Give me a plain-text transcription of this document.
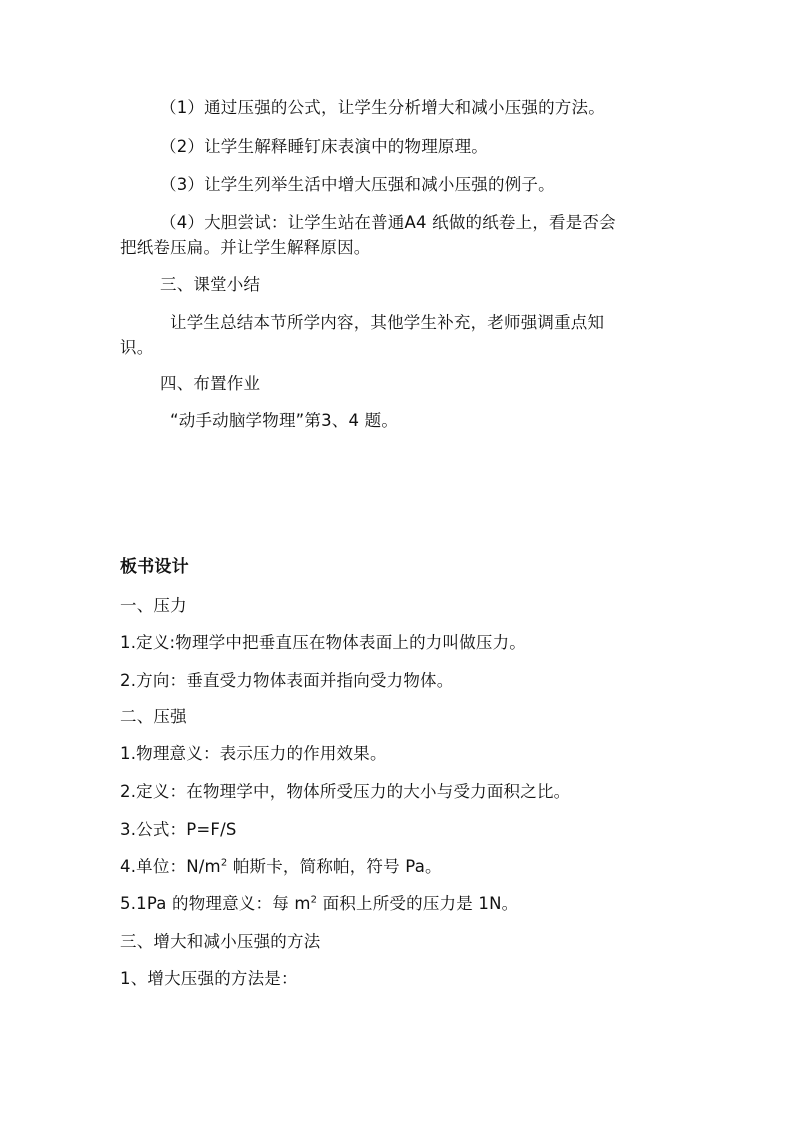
（1）通过压强的公式，让学生分析增大和减小压强的方法。
（2）让学生解释睡钉床表演中的物理原理。
（3）让学生列举生活中增大压强和减小压强的例子。
（4）大胆尝试：让学生站在普通A4 纸做的纸卷上，看是否会
把纸卷压扁。并让学生解释原因。
三、课堂小结
让学生总结本节所学内容，其他学生补充，老师强调重点知
识。
四、布置作业
“动手动脑学物理”第3、4 题。
板书设计
一、压力
1.定义:物理学中把垂直压在物体表面上的力叫做压力。
2.方向：垂直受力物体表面并指向受力物体。
二、压强
1.物理意义：表示压力的作用效果。
2.定义：在物理学中，物体所受压力的大小与受力面积之比。
3.公式：P=F/S
4.单位：$N/m^2$ 帕斯卡，简称帕，符号 Pa。
5.1Pa 的物理意义：每 $m^2$ 面积上所受的压力是 1N。
三、增大和减小压强的方法
1、增大压强的方法是：
